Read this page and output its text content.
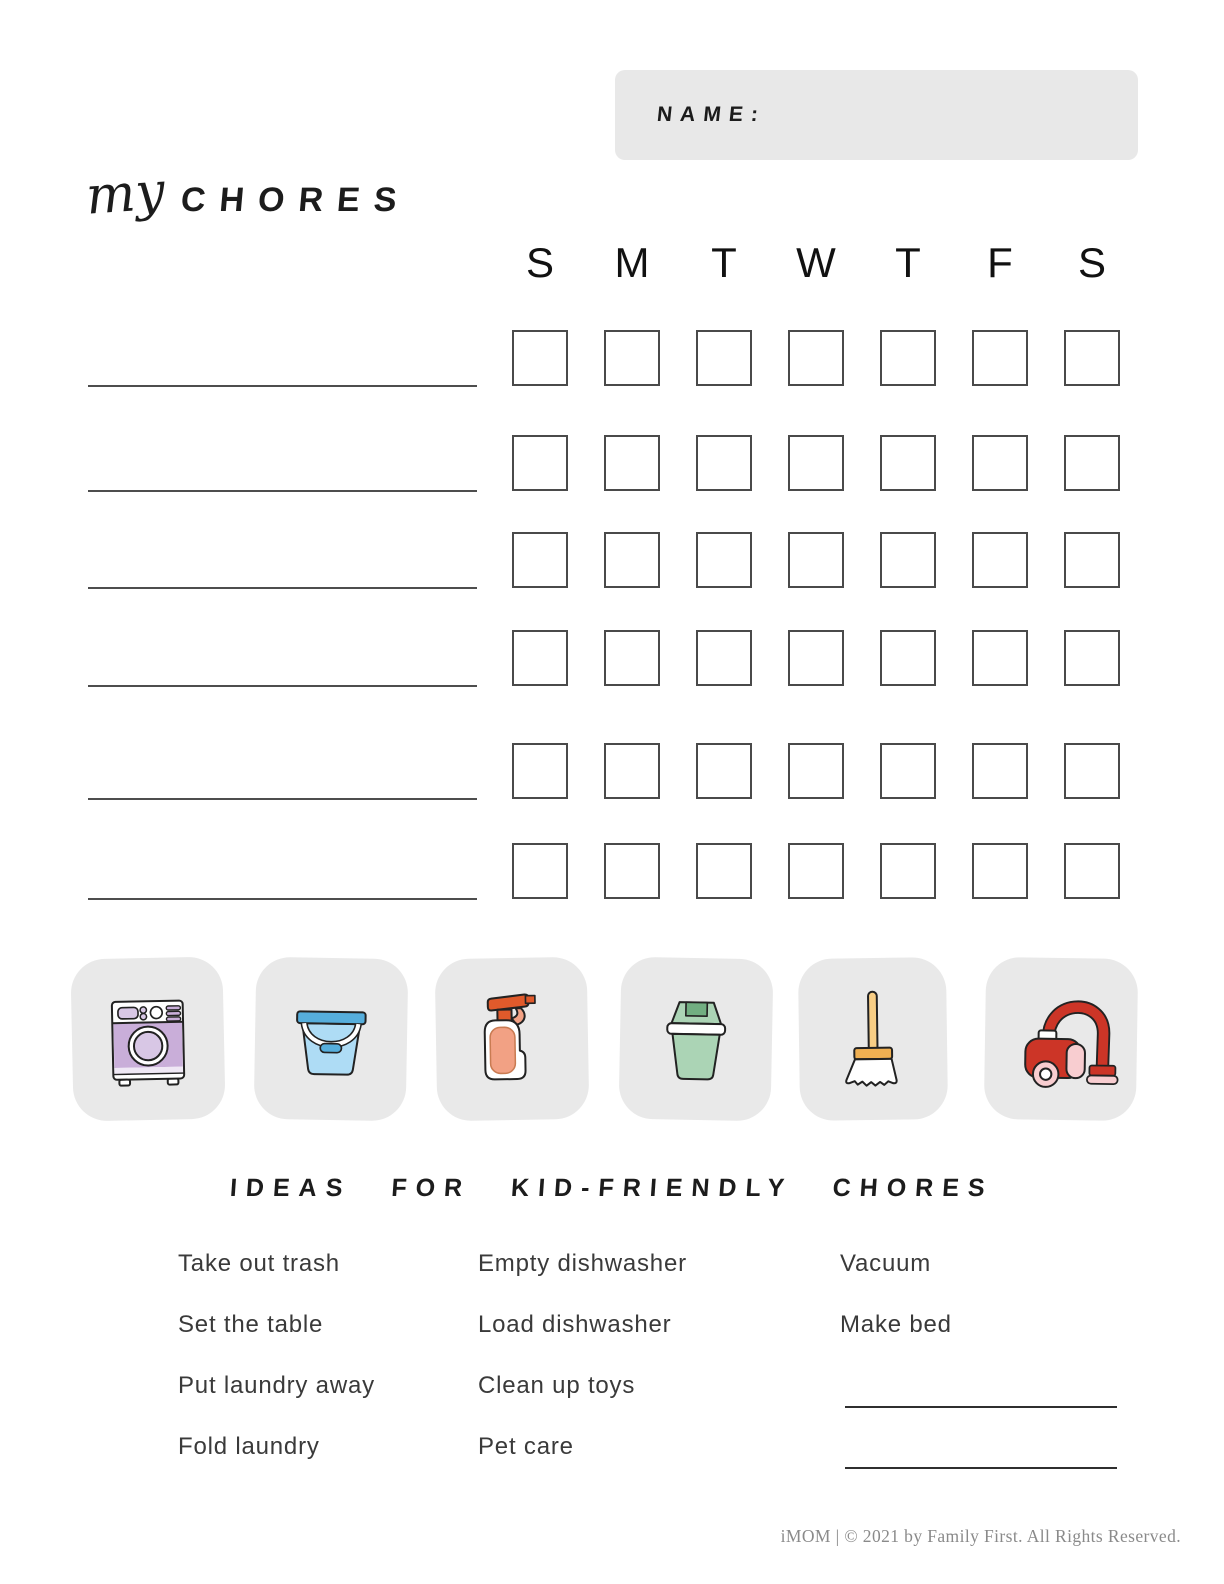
NAME:
my CHORES
S	M	T	W	T	F	S
IDEAS FOR KID-FRIENDLY CHORES
Take out trash
Set the table
Put laundry away
Fold laundry
Empty dishwasher
Load dishwasher
Clean up toys
Pet care
Vacuum
Make bed
iMOM | © 2021 by Family First. All Rights Reserved.
